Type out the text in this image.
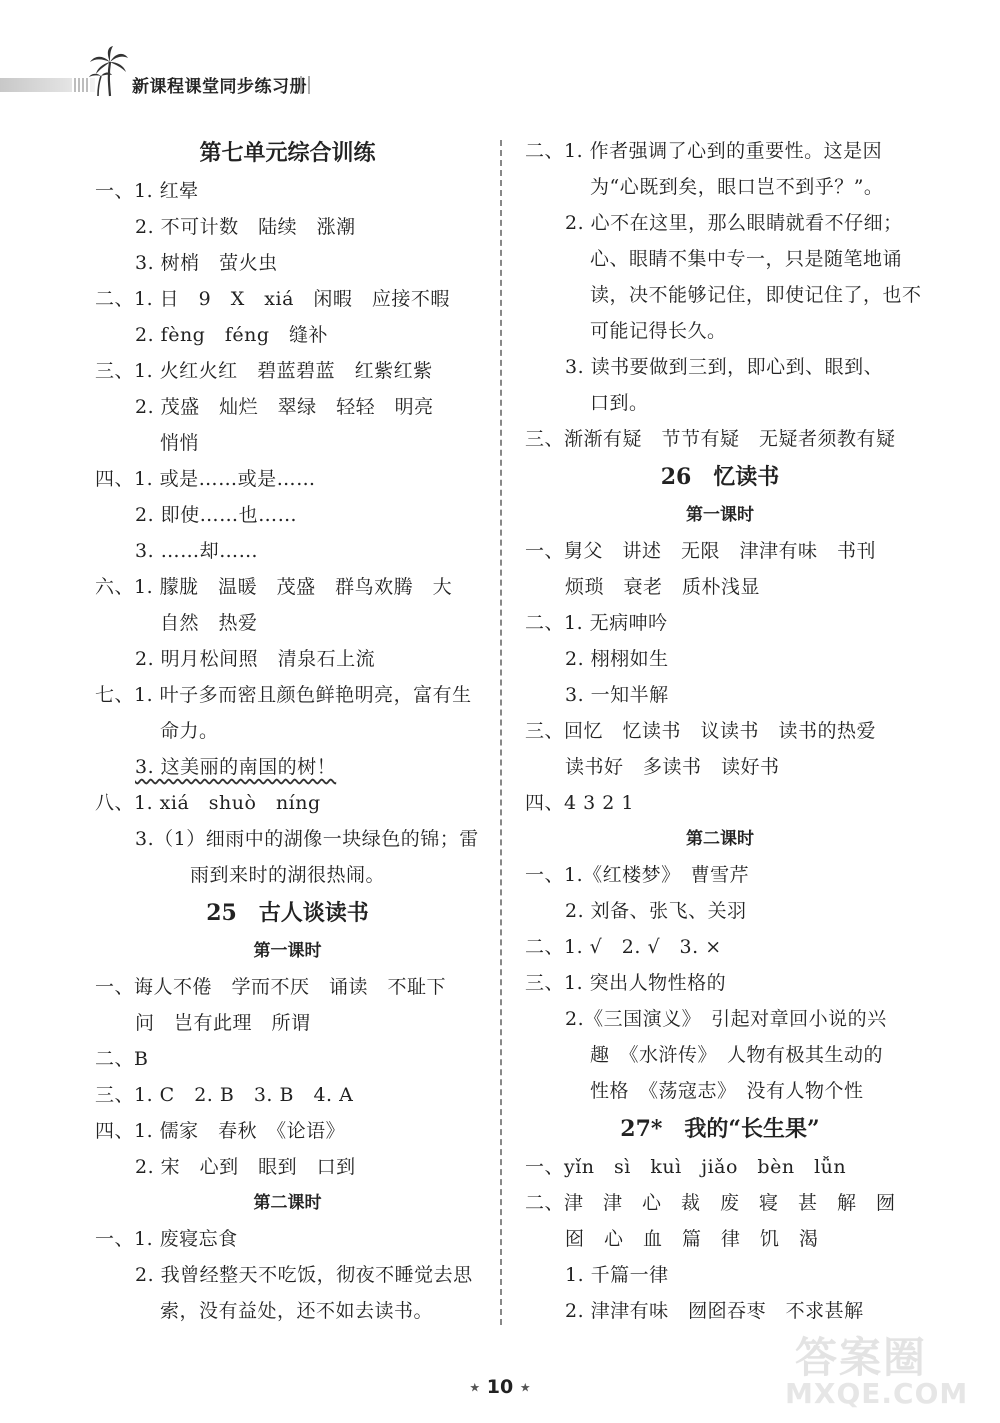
新课程课堂同步练习册
第七单元综合训练
一、1. 红晕
2. 不可计数　陆续　涨潮
3. 树梢　萤火虫
二、1. 日　9　X　xiá　闲暇　应接不暇
2. fèng　féng　缝补
三、1. 火红火红　碧蓝碧蓝　红紫红紫
2. 茂盛　灿烂　翠绿　轻轻　明亮
悄悄
四、1. 或是……或是……
2. 即使……也……
3. ……却……
六、1. 朦胧　温暖　茂盛　群鸟欢腾　大
自然　热爱
2. 明月松间照　清泉石上流
七、1. 叶子多而密且颜色鲜艳明亮，富有生
命力。
3. 这美丽的南国的树！
八、1. xiá　shuò　níng
3.（1）细雨中的湖像一块绿色的锦；雷
雨到来时的湖很热闹。
25　古人谈读书
第一课时
一、诲人不倦　学而不厌　诵读　不耻下
问　岂有此理　所谓
二、B
三、1. C　2. B　3. B　4. A
四、1. 儒家　春秋　《论语》
2. 宋　心到　眼到　口到
第二课时
一、1. 废寝忘食
2. 我曾经整天不吃饭，彻夜不睡觉去思
索，没有益处，还不如去读书。
二、1. 作者强调了心到的重要性。这是因
为“心既到矣，眼口岂不到乎？”。
2. 心不在这里，那么眼睛就看不仔细；
心、眼睛不集中专一，只是随笔地诵
读，决不能够记住，即使记住了，也不
可能记得长久。
3. 读书要做到三到，即心到、眼到、
口到。
三、渐渐有疑　节节有疑　无疑者须教有疑
26　忆读书
第一课时
一、舅父　讲述　无限　津津有味　书刊
烦琐　衰老　质朴浅显
二、1. 无病呻吟
2. 栩栩如生
3. 一知半解
三、回忆　忆读书　议读书　读书的热爱
读书好　多读书　读好书
四、4 3 2 1
第二课时
一、1.《红楼梦》　曹雪芹
2. 刘备、张飞、关羽
二、1. √　2. √　3. ×
三、1. 突出人物性格的
2.《三国演义》　引起对章回小说的兴
趣　《水浒传》　人物有极其生动的
性格　《荡寇志》　没有人物个性
27*　我的“长生果”
一、yǐn　sì　kuì　jiǎo　bèn　lǚn
二、津　津　心　裁　废　寝　甚　解　囫
囵　心　血　篇　律　饥　渴
1. 千篇一律
2. 津津有味　囫囵吞枣　不求甚解
★ 10 ★
答案圈
MXQE.COM
